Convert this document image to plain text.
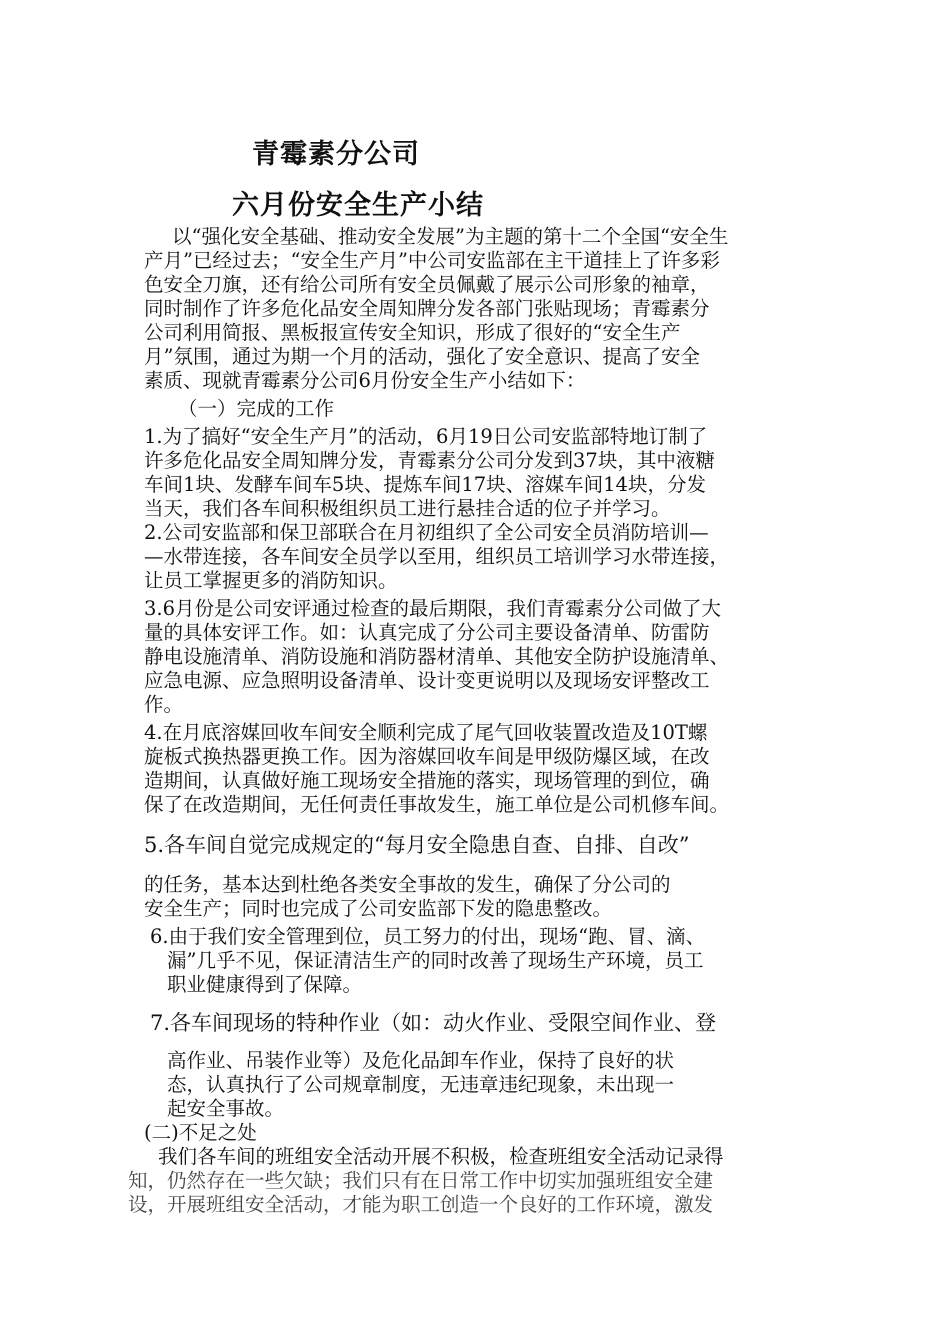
青霉素分公司
六月份安全生产小结
以“强化安全基础、推动安全发展”为主题的第十二个全国“安全生
产月”已经过去；“安全生产月”中公司安监部在主干道挂上了许多彩
色安全刀旗，还有给公司所有安全员佩戴了展示公司形象的袖章，
同时制作了许多危化品安全周知牌分发各部门张贴现场；青霉素分
公司利用简报、黑板报宣传安全知识，形成了很好的“安全生产
月”氛围，通过为期一个月的活动，强化了安全意识、提高了安全
素质、现就青霉素分公司6月份安全生产小结如下：
（一）完成的工作
1.为了搞好“安全生产月”的活动，6月19日公司安监部特地订制了
许多危化品安全周知牌分发，青霉素分公司分发到37块，其中液糖
车间1块、发酵车间车5块、提炼车间17块、溶媒车间14块，分发
当天，我们各车间积极组织员工进行悬挂合适的位子并学习。
2.公司安监部和保卫部联合在月初组织了全公司安全员消防培训—
—水带连接，各车间安全员学以至用，组织员工培训学习水带连接，
让员工掌握更多的消防知识。
3.6月份是公司安评通过检查的最后期限，我们青霉素分公司做了大
量的具体安评工作。如：认真完成了分公司主要设备清单、防雷防
静电设施清单、消防设施和消防器材清单、其他安全防护设施清单、
应急电源、应急照明设备清单、设计变更说明以及现场安评整改工
作。
4.在月底溶媒回收车间安全顺利完成了尾气回收装置改造及10T螺
旋板式换热器更换工作。因为溶媒回收车间是甲级防爆区域，在改
造期间，认真做好施工现场安全措施的落实，现场管理的到位，确
保了在改造期间，无任何责任事故发生，施工单位是公司机修车间。
5.各车间自觉完成规定的“每月安全隐患自查、自排、自改”
的任务，基本达到杜绝各类安全事故的发生，确保了分公司的
安全生产；同时也完成了公司安监部下发的隐患整改。
6.由于我们安全管理到位，员工努力的付出，现场“跑、冒、滴、
漏”几乎不见，保证清洁生产的同时改善了现场生产环境，员工
职业健康得到了保障。
7.各车间现场的特种作业（如：动火作业、受限空间作业、登
高作业、吊装作业等）及危化品卸车作业，保持了良好的状
态，认真执行了公司规章制度，无违章违纪现象，未出现一
起安全事故。
(二)不足之处
我们各车间的班组安全活动开展不积极，检查班组安全活动记录得
知，仍然存在一些欠缺；我们只有在日常工作中切实加强班组安全建
设，开展班组安全活动，才能为职工创造一个良好的工作环境，激发
